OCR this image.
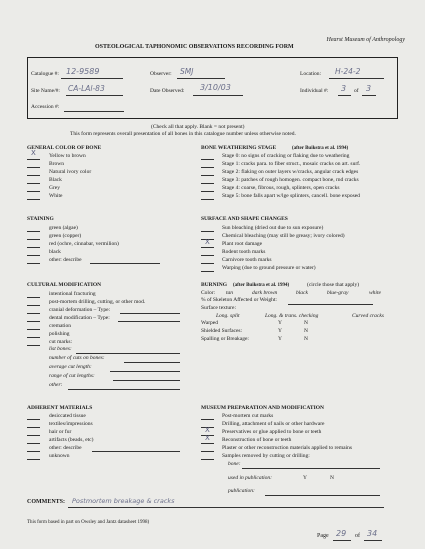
Hearst Museum of Anthropology
OSTEOLOGICAL TAPHONOMIC OBSERVATIONS RECORDING FORM
Catalogue #: 12-9589	Observer: SMJ	Location: H-24-2
Site Name/#: CA-LAl-83	Date Observed: 3/10/03	Individual #: 3 of 3
Accession #:
(Check all that apply. Blank = not present)
This form represents overall presentation of all bones in this catalogue number unless otherwise noted.
GENERAL COLOR OF BONE
X Yellow to brown
Brown
Natural ivory color
Black
Grey
White
BONE WEATHERING STAGE	(after Buikstra et al. 1994)
Stage 0: no signs of cracking or flaking due to weathering
Stage 1: cracks para. to fiber struct., mosaic cracks on art. surf.
Stage 2: flaking on outer layers w/cracks, angular crack edges
Stage 3: patches of rough homogen. compact bone, rnd cracks
Stage 4: coarse, fibrous, rough, splinters, open cracks
Stage 5: bone falls apart w/lge splinters, cancell. bone exposed
STAINING
green (algae)
green (copper)
red (ochre, cinnabar, vermilion)
black
other: describe
SURFACE AND SHAPE CHANGES
Sun bleaching (dried out due to sun exposure)
Chemical bleaching (may still be greasy; ivory colored)
X Plant root damage
Rodent tooth marks
Carnivore tooth marks
Warping (due to ground pressure or water)
CULTURAL MODIFICATION
intentional fracturing
post-mortem drilling, cutting, or other mod.
cranial deformation – Type:
dental modification – Type:
cremation
polishing
cut marks:
list bones:
number of cuts on bones:
average cut length:
range of cut lengths:
other:
BURNING (after Buikstra et al. 1994)	(circle those that apply)
Color: tan	dark brown	black	blue-gray	white
% of Skeleton Affected or Weight:
Surface texture:
Long. split	Long. & trans. checking	Curved cracks
Warped	Y	N
Shielded Surfaces:	Y	N
Spalling or Breakage:	Y	N
ADHERENT MATERIALS
desiccated tissue
textiles/impressions
hair or fur
artifacts (beads, etc)
other: describe
unknown
MUSEUM PREPARATION AND MODIFICATION
Post-mortem cut marks
Drilling, attachment of nails or other hardware
X Preservatives or glue applied to bone or teeth
X Reconstruction of bone or teeth
Plaster or other reconstruction materials applied to remains
Samples removed by cutting or drilling:
bone:
used in publication:	Y	N
publication:
COMMENTS: Postmortem breakage & cracks
This form based in part on Owsley and Jantz datasheet 1998)
Page 29 of 34
